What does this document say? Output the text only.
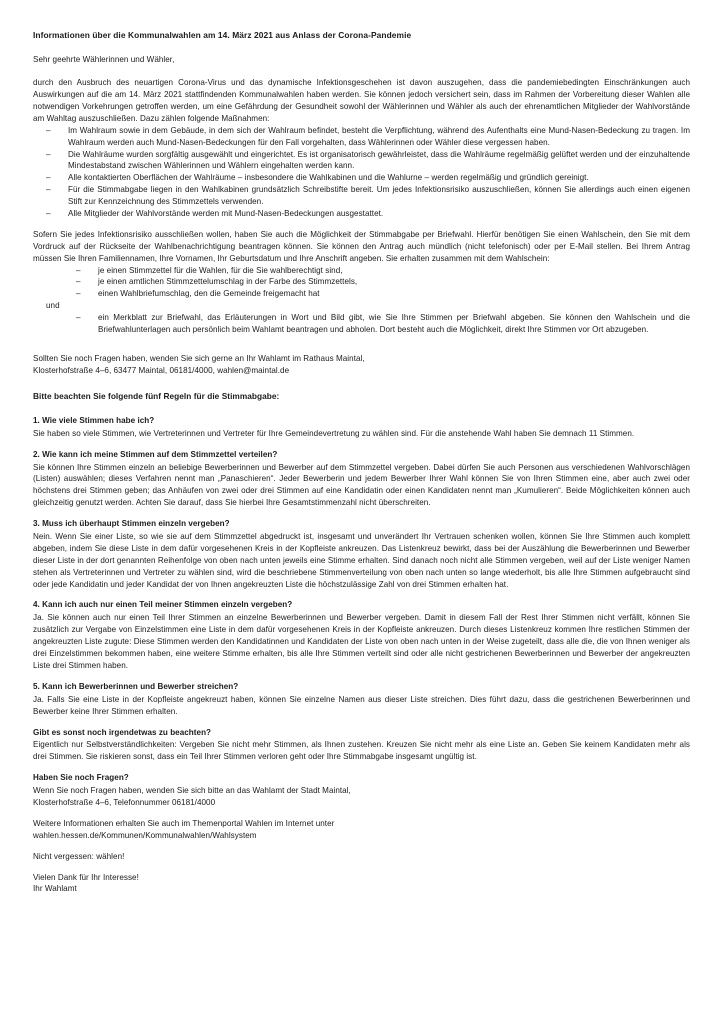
Informationen über die Kommunalwahlen am 14. März 2021 aus Anlass der Corona-Pandemie

Sehr geehrte Wählerinnen und Wähler,

durch den Ausbruch des neuartigen Corona-Virus und das dynamische Infektionsgeschehen ist davon auszugehen, dass die pandemiebedingten Einschränkungen auch Auswirkungen auf die am 14. März 2021 stattfindenden Kommunalwahlen haben werden. Sie können jedoch versichert sein, dass im Rahmen der Vorbereitung dieser Wahlen alle notwendigen Vorkehrungen getroffen werden, um eine Gefährdung der Gesundheit sowohl der Wählerinnen und Wähler als auch der ehrenamtlichen Mitglieder der Wahlvorstände am Wahltag auszuschließen. Dazu zählen folgende Maßnahmen:

– Im Wahlraum sowie in dem Gebäude, in dem sich der Wahlraum befindet, besteht die Verpflichtung, während des Aufenthalts eine Mund-Nasen-Bedeckung zu tragen. Im Wahlraum werden auch Mund-Nasen-Bedeckungen für den Fall vorgehalten, dass Wählerinnen oder Wähler diese vergessen haben.
– Die Wahlräume wurden sorgfältig ausgewählt und eingerichtet. Es ist organisatorisch gewährleistet, dass die Wahlräume regelmäßig gelüftet werden und der einzuhaltende Mindestabstand zwischen Wählerinnen und Wählern eingehalten werden kann.
– Alle kontaktierten Oberflächen der Wahlräume – insbesondere die Wahlkabinen und die Wahlurne – werden regelmäßig und gründlich gereinigt.
– Für die Stimmabgabe liegen in den Wahlkabinen grundsätzlich Schreibstifte bereit. Um jedes Infektionsrisiko auszuschließen, können Sie allerdings auch einen eigenen Stift zur Kennzeichnung des Stimmzettels verwenden.
– Alle Mitglieder der Wahlvorstände werden mit Mund-Nasen-Bedeckungen ausgestattet.

Sofern Sie jedes Infektionsrisiko ausschließen wollen, haben Sie auch die Möglichkeit der Stimmabgabe per Briefwahl. Hierfür benötigen Sie einen Wahlschein, den Sie mit dem Vordruck auf der Rückseite der Wahlbenachrichtigung beantragen können. Sie können den Antrag auch mündlich (nicht telefonisch) oder per E-Mail stellen. Bei Ihrem Antrag müssen Sie Ihren Familiennamen, Ihre Vornamen, Ihr Geburtsdatum und Ihre Anschrift angeben. Sie erhalten zusammen mit dem Wahlschein:

– je einen Stimmzettel für die Wahlen, für die Sie wahlberechtigt sind,
– je einen amtlichen Stimmzettelumschlag in der Farbe des Stimmzettels,
– einen Wahlbriefumschlag, den die Gemeinde freigemacht hat

und

– ein Merkblatt zur Briefwahl, das Erläuterungen in Wort und Bild gibt, wie Sie Ihre Stimmen per Briefwahl abgeben. Sie können den Wahlschein und die Briefwahlunterlagen auch persönlich beim Wahlamt beantragen und abholen. Dort besteht auch die Möglichkeit, direkt Ihre Stimmen vor Ort abzugeben.

Sollten Sie noch Fragen haben, wenden Sie sich gerne an Ihr Wahlamt im Rathaus Maintal,

Klosterhofstraße 4–6, 63477 Maintal, 06181/4000, wahlen@maintal.de

Bitte beachten Sie folgende fünf Regeln für die Stimmabgabe:

1. Wie viele Stimmen habe ich?

Sie haben so viele Stimmen, wie Vertreterinnen und Vertreter für Ihre Gemeindevertretung zu wählen sind. Für die anstehende Wahl haben Sie demnach 11 Stimmen.

2. Wie kann ich meine Stimmen auf dem Stimmzettel verteilen?

Sie können Ihre Stimmen einzeln an beliebige Bewerberinnen und Bewerber auf dem Stimmzettel vergeben. Dabei dürfen Sie auch Personen aus verschiedenen Wahlvorschlägen (Listen) auswählen; dieses Verfahren nennt man „Panaschieren“. Jeder Bewerberin und jedem Bewerber Ihrer Wahl können Sie von Ihren Stimmen eine, aber auch zwei oder höchstens drei Stimmen geben; das Anhäufen von zwei oder drei Stimmen auf eine Kandidatin oder einen Kandidaten nennt man „Kumulieren“. Beide Möglichkeiten können auch gleichzeitig genutzt werden. Achten Sie darauf, dass Sie hierbei Ihre Gesamtstimmenzahl nicht überschreiten.

3. Muss ich überhaupt Stimmen einzeln vergeben?

Nein. Wenn Sie einer Liste, so wie sie auf dem Stimmzettel abgedruckt ist, insgesamt und unverändert Ihr Vertrauen schenken wollen, können Sie Ihre Stimmen auch komplett abgeben, indem Sie diese Liste in dem dafür vorgesehenen Kreis in der Kopfleiste ankreuzen. Das Listenkreuz bewirkt, dass bei der Auszählung die Bewerberinnen und Bewerber dieser Liste in der dort genannten Reihenfolge von oben nach unten jeweils eine Stimme erhalten. Sind danach noch nicht alle Stimmen vergeben, weil auf der Liste weniger Namen stehen als Vertreterinnen und Vertreter zu wählen sind, wird die beschriebene Stimmenverteilung von oben nach unten so lange wiederholt, bis alle Ihre Stimmen aufgebraucht sind oder jede Kandidatin und jeder Kandidat der von Ihnen angekreuzten Liste die höchstzulässige Zahl von drei Stimmen erhalten hat.

4. Kann ich auch nur einen Teil meiner Stimmen einzeln vergeben?

Ja. Sie können auch nur einen Teil Ihrer Stimmen an einzelne Bewerberinnen und Bewerber vergeben. Damit in diesem Fall der Rest Ihrer Stimmen nicht verfällt, können Sie zusätzlich zur Vergabe von Einzelstimmen eine Liste in dem dafür vorgesehenen Kreis in der Kopfleiste ankreuzen. Durch dieses Listenkreuz kommen Ihre restlichen Stimmen der angekreuzten Liste zugute: Diese Stimmen werden den Kandidatinnen und Kandidaten der Liste von oben nach unten in der Weise zugeteilt, dass alle die, die von Ihnen weniger als drei Einzelstimmen bekommen haben, eine weitere Stimme erhalten, bis alle Ihre Stimmen verteilt sind oder alle nicht gestrichenen Bewerberinnen und Bewerber der angekreuzten Liste drei Stimmen haben.

5. Kann ich Bewerberinnen und Bewerber streichen?

Ja. Falls Sie eine Liste in der Kopfleiste angekreuzt haben, können Sie einzelne Namen aus dieser Liste streichen. Dies führt dazu, dass die gestrichenen Bewerberinnen und Bewerber keine Ihrer Stimmen erhalten.

Gibt es sonst noch irgendetwas zu beachten?

Eigentlich nur Selbstverständlichkeiten: Vergeben Sie nicht mehr Stimmen, als Ihnen zustehen. Kreuzen Sie nicht mehr als eine Liste an. Geben Sie keinem Kandidaten mehr als drei Stimmen. Sie riskieren sonst, dass ein Teil Ihrer Stimmen verloren geht oder Ihre Stimmabgabe insgesamt ungültig ist.

Haben Sie noch Fragen?

Wenn Sie noch Fragen haben, wenden Sie sich bitte an das Wahlamt der Stadt Maintal,

Klosterhofstraße 4–6, Telefonnummer 06181/4000

Weitere Informationen erhalten Sie auch im Themenportal Wahlen im Internet unter

wahlen.hessen.de/Kommunen/Kommunalwahlen/Wahlsystem

Nicht vergessen: wählen!

Vielen Dank für Ihr Interesse!

Ihr Wahlamt
